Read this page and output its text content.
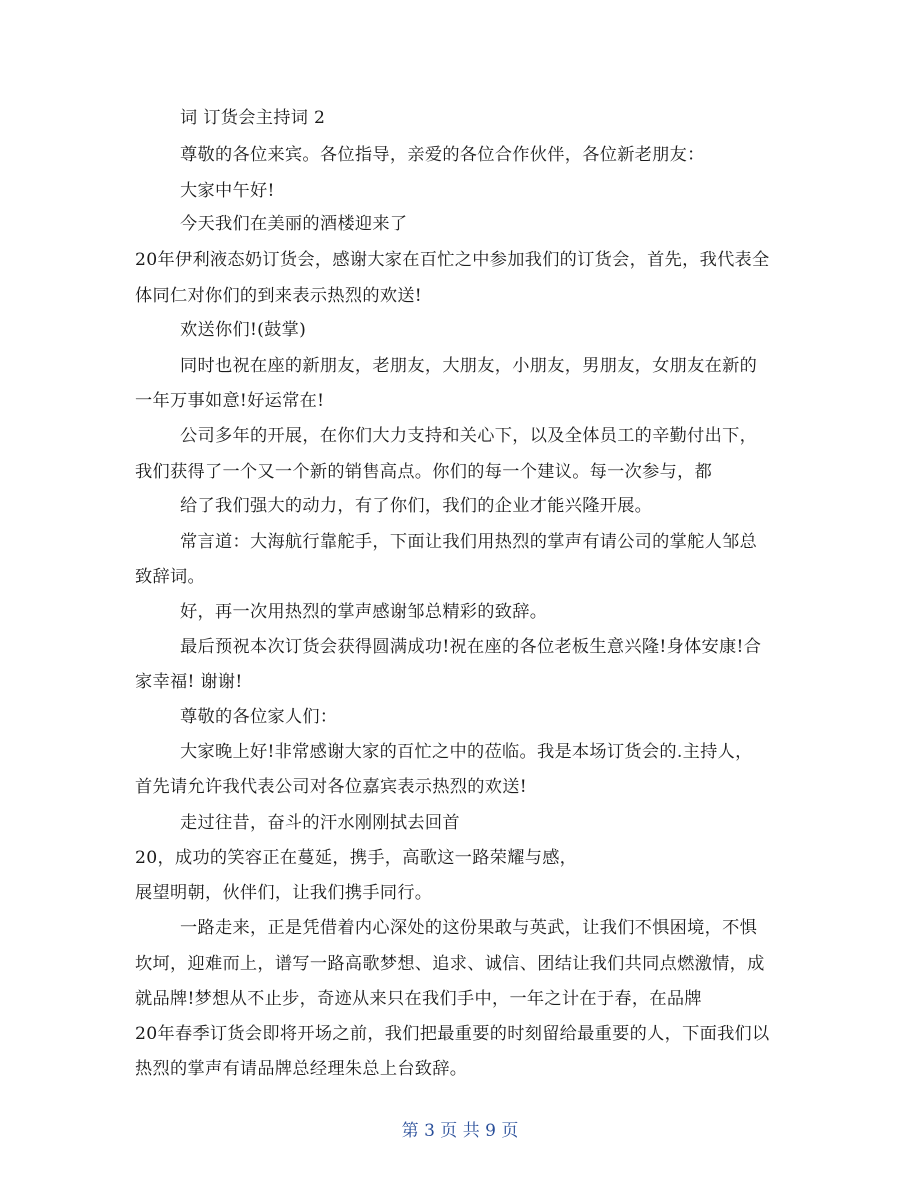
词 订货会主持词 2
尊敬的各位来宾。各位指导，亲爱的各位合作伙伴，各位新老朋友：
大家中午好!
今天我们在美丽的酒楼迎来了
20年伊利液态奶订货会，感谢大家在百忙之中参加我们的订货会，首先，我代表全
体同仁对你们的到来表示热烈的欢送!
欢送你们!(鼓掌)
同时也祝在座的新朋友，老朋友，大朋友，小朋友，男朋友，女朋友在新的
一年万事如意!好运常在!
公司多年的开展，在你们大力支持和关心下，以及全体员工的辛勤付出下，
我们获得了一个又一个新的销售高点。你们的每一个建议。每一次参与，都
给了我们强大的动力，有了你们，我们的企业才能兴隆开展。
常言道：大海航行靠舵手，下面让我们用热烈的掌声有请公司的掌舵人邹总
致辞词。
好，再一次用热烈的掌声感谢邹总精彩的致辞。
最后预祝本次订货会获得圆满成功!祝在座的各位老板生意兴隆!身体安康!合
家幸福! 谢谢!
尊敬的各位家人们：
大家晚上好!非常感谢大家的百忙之中的莅临。我是本场订货会的.主持人，
首先请允许我代表公司对各位嘉宾表示热烈的欢送!
走过往昔，奋斗的汗水刚刚拭去回首
20，成功的笑容正在蔓延，携手，高歌这一路荣耀与感，
展望明朝，伙伴们，让我们携手同行。
一路走来，正是凭借着内心深处的这份果敢与英武，让我们不惧困境，不惧
坎坷，迎难而上，谱写一路高歌梦想、追求、诚信、团结让我们共同点燃激情，成
就品牌!梦想从不止步，奇迹从来只在我们手中，一年之计在于春，在品牌
20年春季订货会即将开场之前，我们把最重要的时刻留给最重要的人，下面我们以
热烈的掌声有请品牌总经理朱总上台致辞。
第 3 页 共 9 页
